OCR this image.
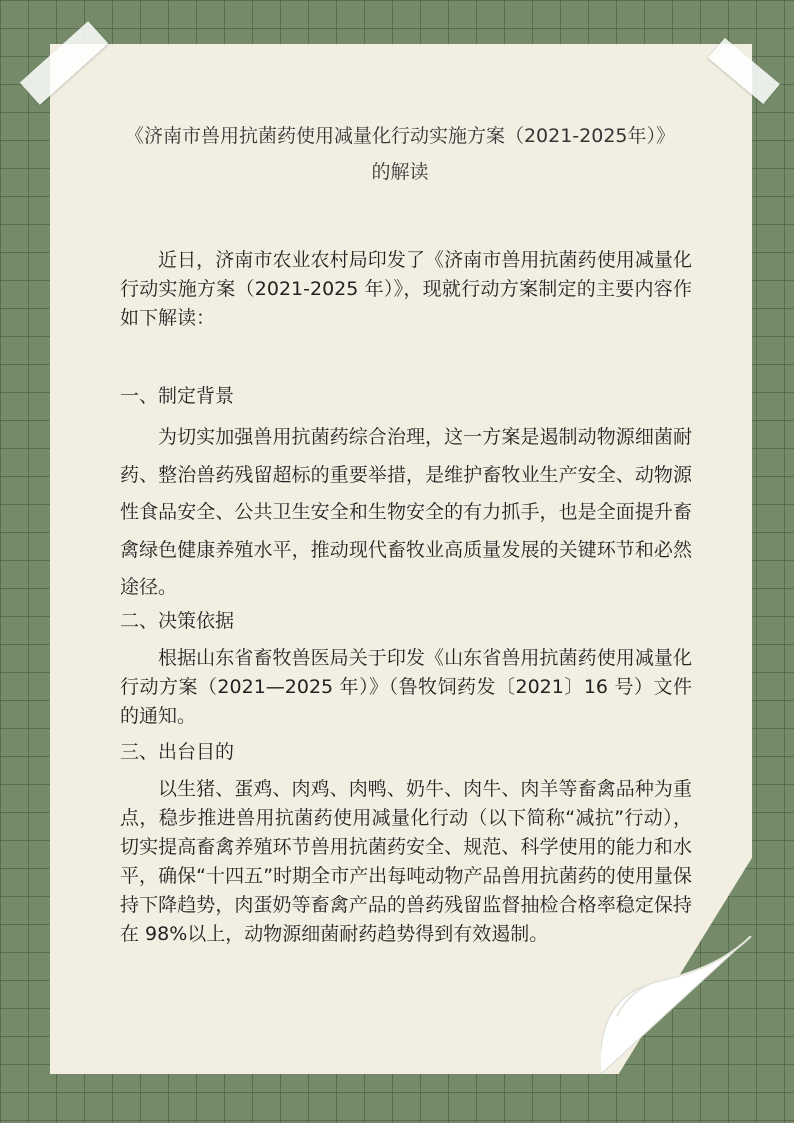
《济南市兽用抗菌药使用减量化行动实施方案（2021-2025年）》的解读

近日，济南市农业农村局印发了《济南市兽用抗菌药使用减量化行动实施方案（2021-2025 年）》，现就行动方案制定的主要内容作如下解读：

一、制定背景

为切实加强兽用抗菌药综合治理，这一方案是遏制动物源细菌耐药、整治兽药残留超标的重要举措，是维护畜牧业生产安全、动物源性食品安全、公共卫生安全和生物安全的有力抓手，也是全面提升畜禽绿色健康养殖水平，推动现代畜牧业高质量发展的关键环节和必然途径。

二、决策依据

根据山东省畜牧兽医局关于印发《山东省兽用抗菌药使用减量化行动方案（2021—2025 年）》（鲁牧饲药发〔2021〕16 号）文件的通知。

三、出台目的

以生猪、蛋鸡、肉鸡、肉鸭、奶牛、肉牛、肉羊等畜禽品种为重点，稳步推进兽用抗菌药使用减量化行动（以下简称“减抗”行动），切实提高畜禽养殖环节兽用抗菌药安全、规范、科学使用的能力和水平，确保“十四五”时期全市产出每吨动物产品兽用抗菌药的使用量保持下降趋势，肉蛋奶等畜禽产品的兽药残留监督抽检合格率稳定保持在 98%以上，动物源细菌耐药趋势得到有效遏制。
